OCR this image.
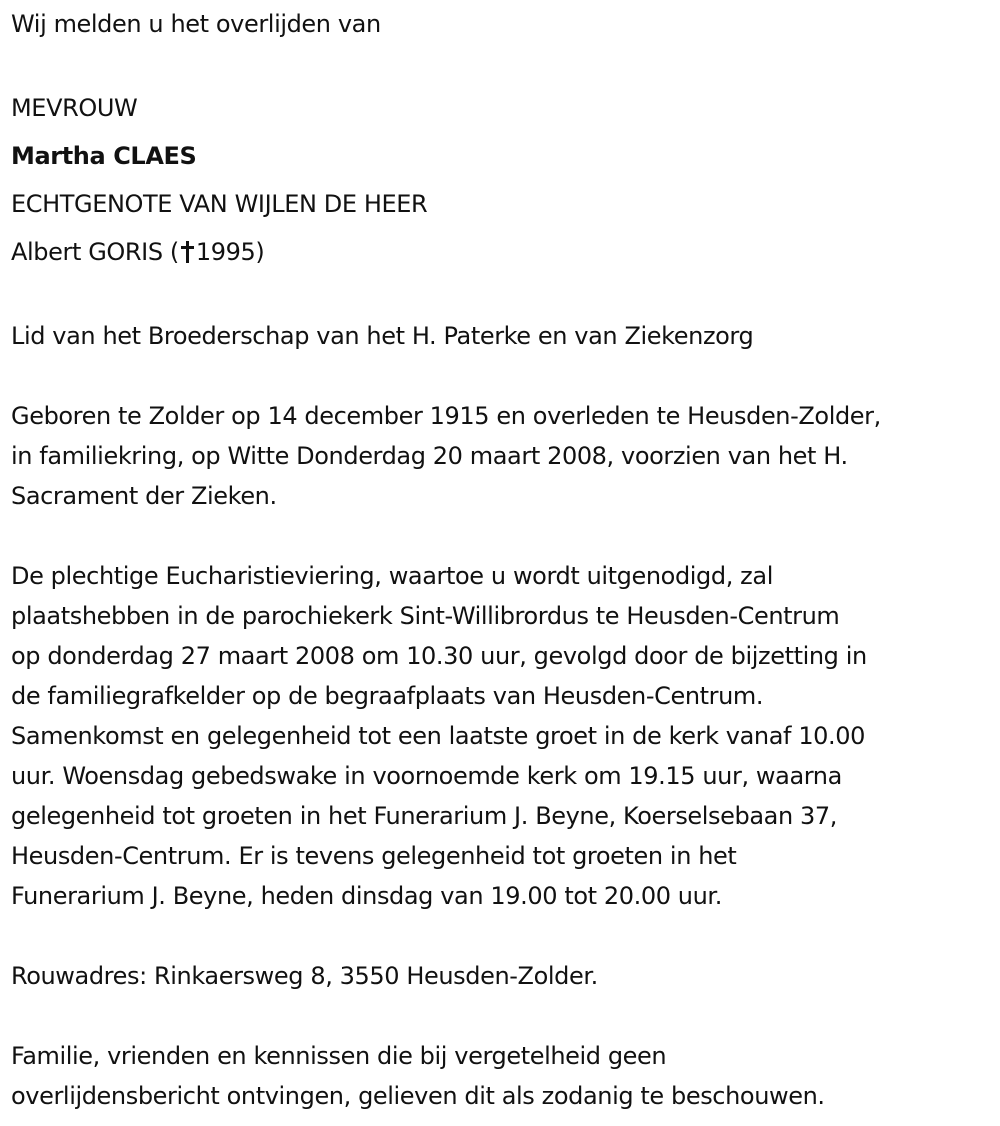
Wij melden u het overlijden van

MEVROUW

Martha CLAES

ECHTGENOTE VAN WIJLEN DE HEER

Albert GORIS ( 1995)

Lid van het Broederschap van het H. Paterke en van Ziekenzorg

Geboren te Zolder op 14 december 1915 en overleden te Heusden-Zolder,

in familiekring, op Witte Donderdag 20 maart 2008, voorzien van het H.

Sacrament der Zieken.

De plechtige Eucharistieviering, waartoe u wordt uitgenodigd, zal

plaatshebben in de parochiekerk Sint-Willibrordus te Heusden-Centrum

op donderdag 27 maart 2008 om 10.30 uur, gevolgd door de bijzetting in

de familiegrafkelder op de begraafplaats van Heusden-Centrum.

Samenkomst en gelegenheid tot een laatste groet in de kerk vanaf 10.00

uur. Woensdag gebedswake in voornoemde kerk om 19.15 uur, waarna

gelegenheid tot groeten in het Funerarium J. Beyne, Koerselsebaan 37,

Heusden-Centrum. Er is tevens gelegenheid tot groeten in het

Funerarium J. Beyne, heden dinsdag van 19.00 tot 20.00 uur.

Rouwadres: Rinkaersweg 8, 3550 Heusden-Zolder.

Familie, vrienden en kennissen die bij vergetelheid geen

overlijdensbericht ontvingen, gelieven dit als zodanig te beschouwen.
